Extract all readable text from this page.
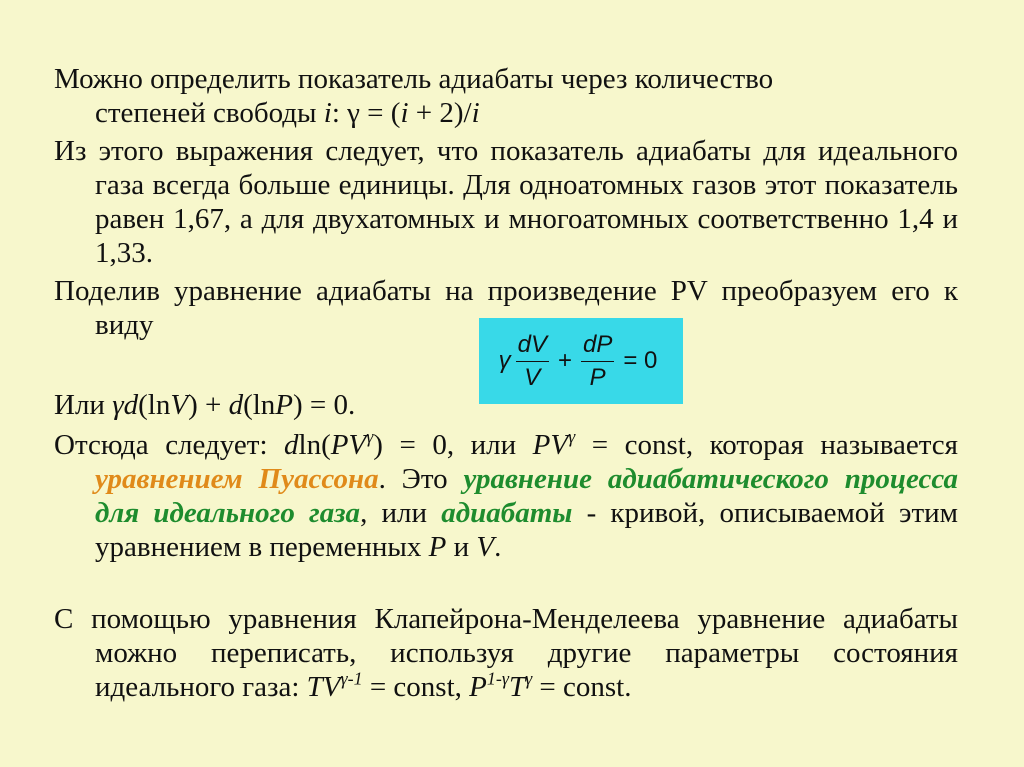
Можно определить показатель адиабаты через количество
степеней свободы i: γ = (i + 2)/i
Из этого выражения следует, что показатель адиабаты для идеального газа всегда больше единицы. Для одноатомных газов этот показатель равен 1,67, а для двухатомных и многоатомных соответственно 1,4 и 1,33.
Поделив уравнение адиабаты на произведение PV преобразуем его к виду
γ $\frac{dV}{V} + \frac{dP}{P} = 0$
Или γd(lnV) + d(lnP) = 0.
Отсюда следует: $dln(PV^\gamma) = 0$, или $PV^\gamma$ = const, которая называется уравнением Пуассона. Это уравнение адиабатического процесса для идеального газа, или адиабаты - кривой, описываемой этим уравнением в переменных P и V.
С помощью уравнения Клапейрона-Менделеева уравнение адиабаты можно переписать, используя другие параметры состояния идеального газа: $TV^{\gamma-1}$ = const, $P^{1-\gamma}T^\gamma$ = const.
